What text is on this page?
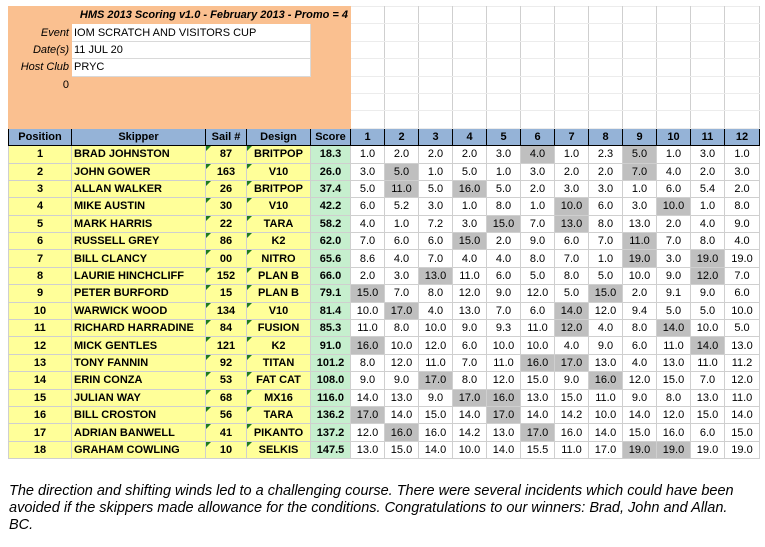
HMS 2013 Scoring v1.0 - February 2013 - Promo = 4																
Event	IOM SCRATCH AND VISITORS CUP															
Date(s)	11 JUL 20															
Host Club	PRYC															
0																

Position	Skipper	Sail #	Design	Score	1	2	3	4	5	6	7	8	9	10	11	12
1	BRAD JOHNSTON	87	BRITPOP	18.3	1.0	2.0	2.0	2.0	3.0	4.0	1.0	2.3	5.0	1.0	3.0	1.0
2	JOHN GOWER	163	V10	26.0	3.0	5.0	1.0	5.0	1.0	3.0	2.0	2.0	7.0	4.0	2.0	3.0
3	ALLAN WALKER	26	BRITPOP	37.4	5.0	11.0	5.0	16.0	5.0	2.0	3.0	3.0	1.0	6.0	5.4	2.0
4	MIKE AUSTIN	30	V10	42.2	6.0	5.2	3.0	1.0	8.0	1.0	10.0	6.0	3.0	10.0	1.0	8.0
5	MARK HARRIS	22	TARA	58.2	4.0	1.0	7.2	3.0	15.0	7.0	13.0	8.0	13.0	2.0	4.0	9.0
6	RUSSELL GREY	86	K2	62.0	7.0	6.0	6.0	15.0	2.0	9.0	6.0	7.0	11.0	7.0	8.0	4.0
7	BILL CLANCY	00	NITRO	65.6	8.6	4.0	7.0	4.0	4.0	8.0	7.0	1.0	19.0	3.0	19.0	19.0
8	LAURIE HINCHCLIFF	152	PLAN B	66.0	2.0	3.0	13.0	11.0	6.0	5.0	8.0	5.0	10.0	9.0	12.0	7.0
9	PETER BURFORD	15	PLAN B	79.1	15.0	7.0	8.0	12.0	9.0	12.0	5.0	15.0	2.0	9.1	9.0	6.0
10	WARWICK WOOD	134	V10	81.4	10.0	17.0	4.0	13.0	7.0	6.0	14.0	12.0	9.4	5.0	5.0	10.0
11	RICHARD HARRADINE	84	FUSION	85.3	11.0	8.0	10.0	9.0	9.3	11.0	12.0	4.0	8.0	14.0	10.0	5.0
12	MICK GENTLES	121	K2	91.0	16.0	10.0	12.0	6.0	10.0	10.0	4.0	9.0	6.0	11.0	14.0	13.0
13	TONY FANNIN	92	TITAN	101.2	8.0	12.0	11.0	7.0	11.0	16.0	17.0	13.0	4.0	13.0	11.0	11.2
14	ERIN CONZA	53	FAT CAT	108.0	9.0	9.0	17.0	8.0	12.0	15.0	9.0	16.0	12.0	15.0	7.0	12.0
15	JULIAN WAY	68	MX16	116.0	14.0	13.0	9.0	17.0	16.0	13.0	15.0	11.0	9.0	8.0	13.0	11.0
16	BILL CROSTON	56	TARA	136.2	17.0	14.0	15.0	14.0	17.0	14.0	14.2	10.0	14.0	12.0	15.0	14.0
17	ADRIAN BANWELL	41	PIKANTO	137.2	12.0	16.0	16.0	14.2	13.0	17.0	16.0	14.0	15.0	16.0	6.0	15.0
18	GRAHAM COWLING	10	SELKIS	147.5	13.0	15.0	14.0	10.0	14.0	15.5	11.0	17.0	19.0	19.0	19.0	19.0
The direction and shifting winds led to a challenging course. There were several incidents which could have been avoided if the skippers made allowance for the conditions. Congratulations to our winners: Brad, John and Allan.     BC.
